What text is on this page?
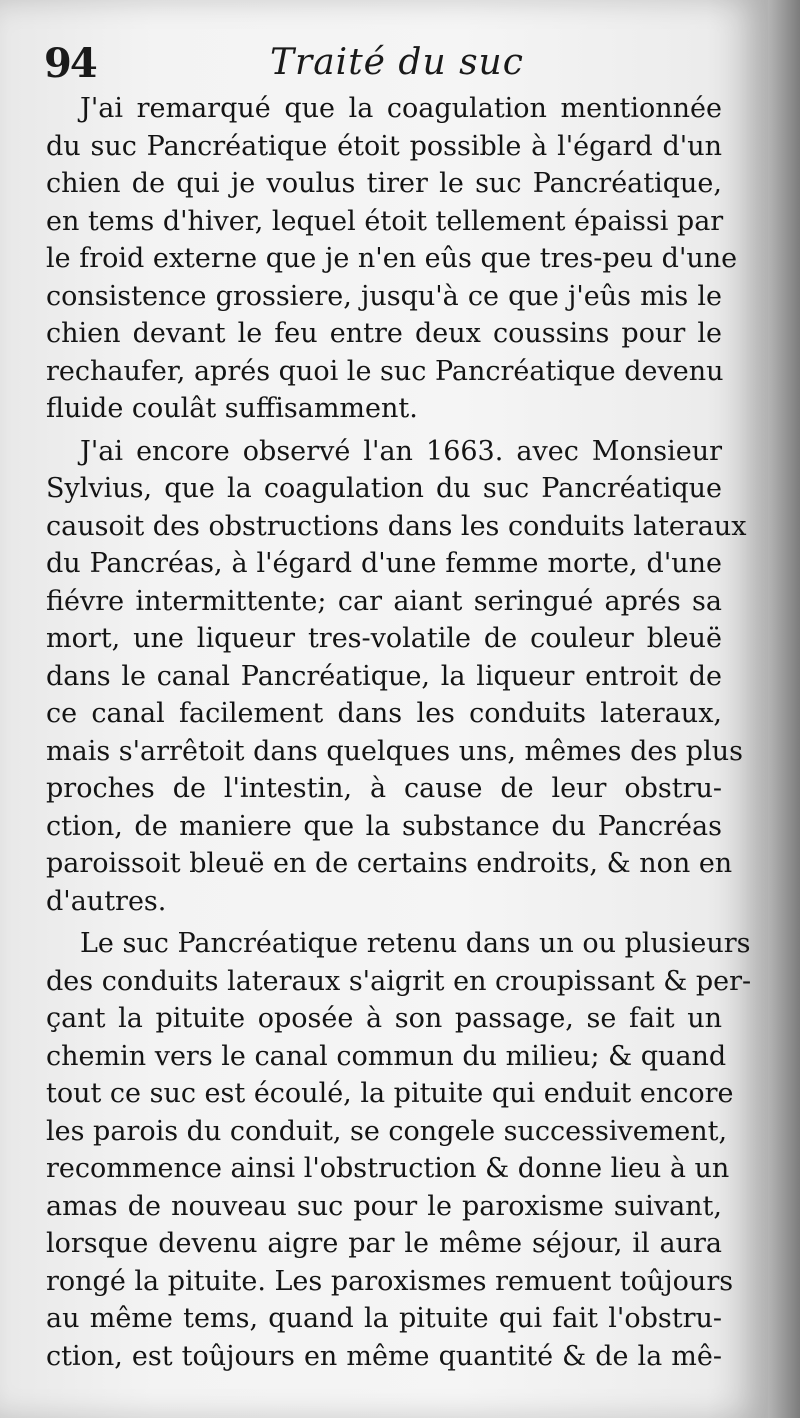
94	Traité du suc

J'ai remarqué que la coagulation mentionnée
du suc Pancréatique étoit possible à l'égard d'un
chien de qui je voulus tirer le suc Pancréatique,
en tems d'hiver, lequel étoit tellement épaissi par
le froid externe que je n'en eûs que tres-peu d'une
consistence grossiere, jusqu'à ce que j'eûs mis le
chien devant le feu entre deux coussins pour le
rechaufer, aprés quoi le suc Pancréatique devenu
fluide coulât suffisamment.

J'ai encore observé l'an 1663. avec Monsieur
Sylvius, que la coagulation du suc Pancréatique
causoit des obstructions dans les conduits lateraux
du Pancréas, à l'égard d'une femme morte, d'une
fiévre intermittente; car aiant seringué aprés sa
mort, une liqueur tres-volatile de couleur bleuë
dans le canal Pancréatique, la liqueur entroit de
ce canal facilement dans les conduits lateraux,
mais s'arrêtoit dans quelques uns, mêmes des plus
proches de l'intestin, à cause de leur obstru-
ction, de maniere que la substance du Pancréas
paroissoit bleuë en de certains endroits, & non en
d'autres.

Le suc Pancréatique retenu dans un ou plusieurs
des conduits lateraux s'aigrit en croupissant & per-
çant la pituite oposée à son passage, se fait un
chemin vers le canal commun du milieu; & quand
tout ce suc est écoulé, la pituite qui enduit encore
les parois du conduit, se congele successivement,
recommence ainsi l'obstruction & donne lieu à un
amas de nouveau suc pour le paroxisme suivant,
lorsque devenu aigre par le même séjour, il aura
rongé la pituite. Les paroxismes remuent toûjours
au même tems, quand la pituite qui fait l'obstru-
ction, est toûjours en même quantité & de la mê-
